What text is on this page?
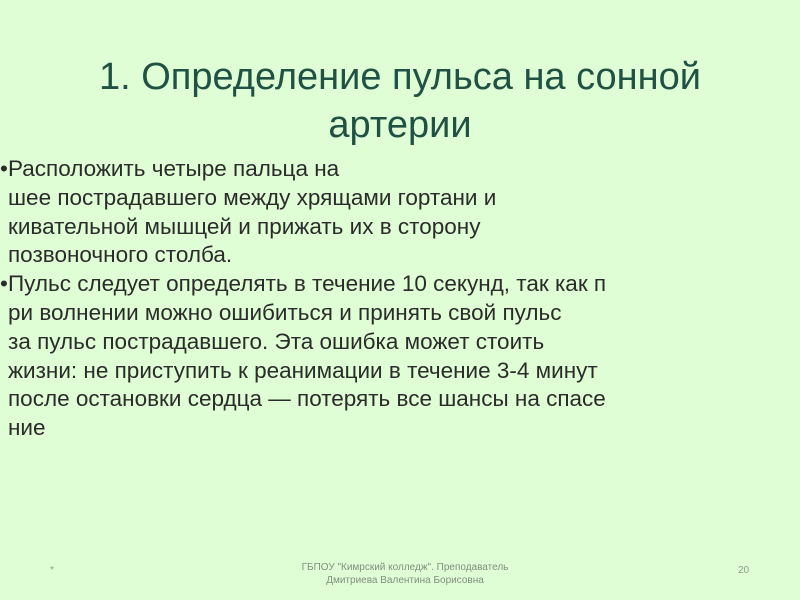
1. Определение пульса на сонной
артерии
• Расположить четыре пальца на
шее пострадавшего между хрящами гортани и
кивательной мышцей и прижать их в сторону
позвоночного столба.
• Пульс следует определять в течение 10 секунд, так как п
ри волнении можно ошибиться и принять свой пульс
за пульс пострадавшего. Эта ошибка может стоить
жизни: не приступить к реанимации в течение 3-4 минут
после остановки сердца — потерять все шансы на спасе
ние
*	ГБПОУ "Кимрский колледж". Преподаватель
Дмитриева Валентина Борисовна
20
